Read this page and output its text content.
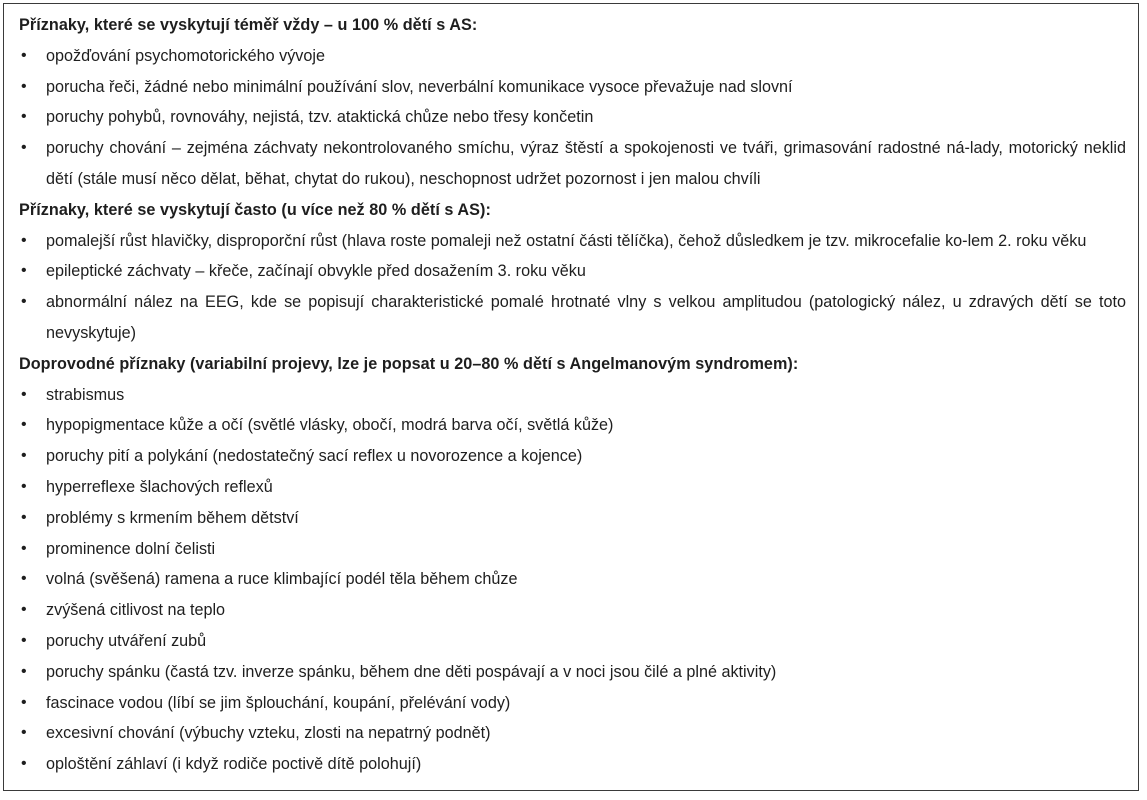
Příznaky, které se vyskytují téměř vždy – u 100 % dětí s AS:

• opožďování psychomotorického vývoje
• porucha řeči, žádné nebo minimální používání slov, neverbální komunikace vysoce převažuje nad slovní
• poruchy pohybů, rovnováhy, nejistá, tzv. ataktická chůze nebo třesy končetin
• poruchy chování – zejména záchvaty nekontrolovaného smíchu, výraz štěstí a spokojenosti ve tváři, grimasování radostné ná-lady, motorický neklid dětí (stále musí něco dělat, běhat, chytat do rukou), neschopnost udržet pozornost i jen malou chvíli

Příznaky, které se vyskytují často (u více než 80 % dětí s AS):

• pomalejší růst hlavičky, disproporční růst (hlava roste pomaleji než ostatní části tělíčka), čehož důsledkem je tzv. mikrocefalie ko-lem 2. roku věku
• epileptické záchvaty – křeče, začínají obvykle před dosažením 3. roku věku
• abnormální nález na EEG, kde se popisují charakteristické pomalé hrotnaté vlny s velkou amplitudou (patologický nález, u zdravých dětí se toto nevyskytuje)

Doprovodné příznaky (variabilní projevy, lze je popsat u 20–80 % dětí s Angelmanovým syndromem):

• strabismus
• hypopigmentace kůže a očí (světlé vlásky, obočí, modrá barva očí, světlá kůže)
• poruchy pití a polykání (nedostatečný sací reflex u novorozence a kojence)
• hyperreflexe šlachových reflexů
• problémy s krmením během dětství
• prominence dolní čelisti
• volná (svěšená) ramena a ruce klimbající podél těla během chůze
• zvýšená citlivost na teplo
• poruchy utváření zubů
• poruchy spánku (častá tzv. inverze spánku, během dne děti pospávají a v noci jsou čilé a plné aktivity)
• fascinace vodou (líbí se jim šplouchání, koupání, přelévání vody)
• excesivní chování (výbuchy vzteku, zlosti na nepatrný podnět)
• oploštění záhlaví (i když rodiče poctivě dítě polohují)
